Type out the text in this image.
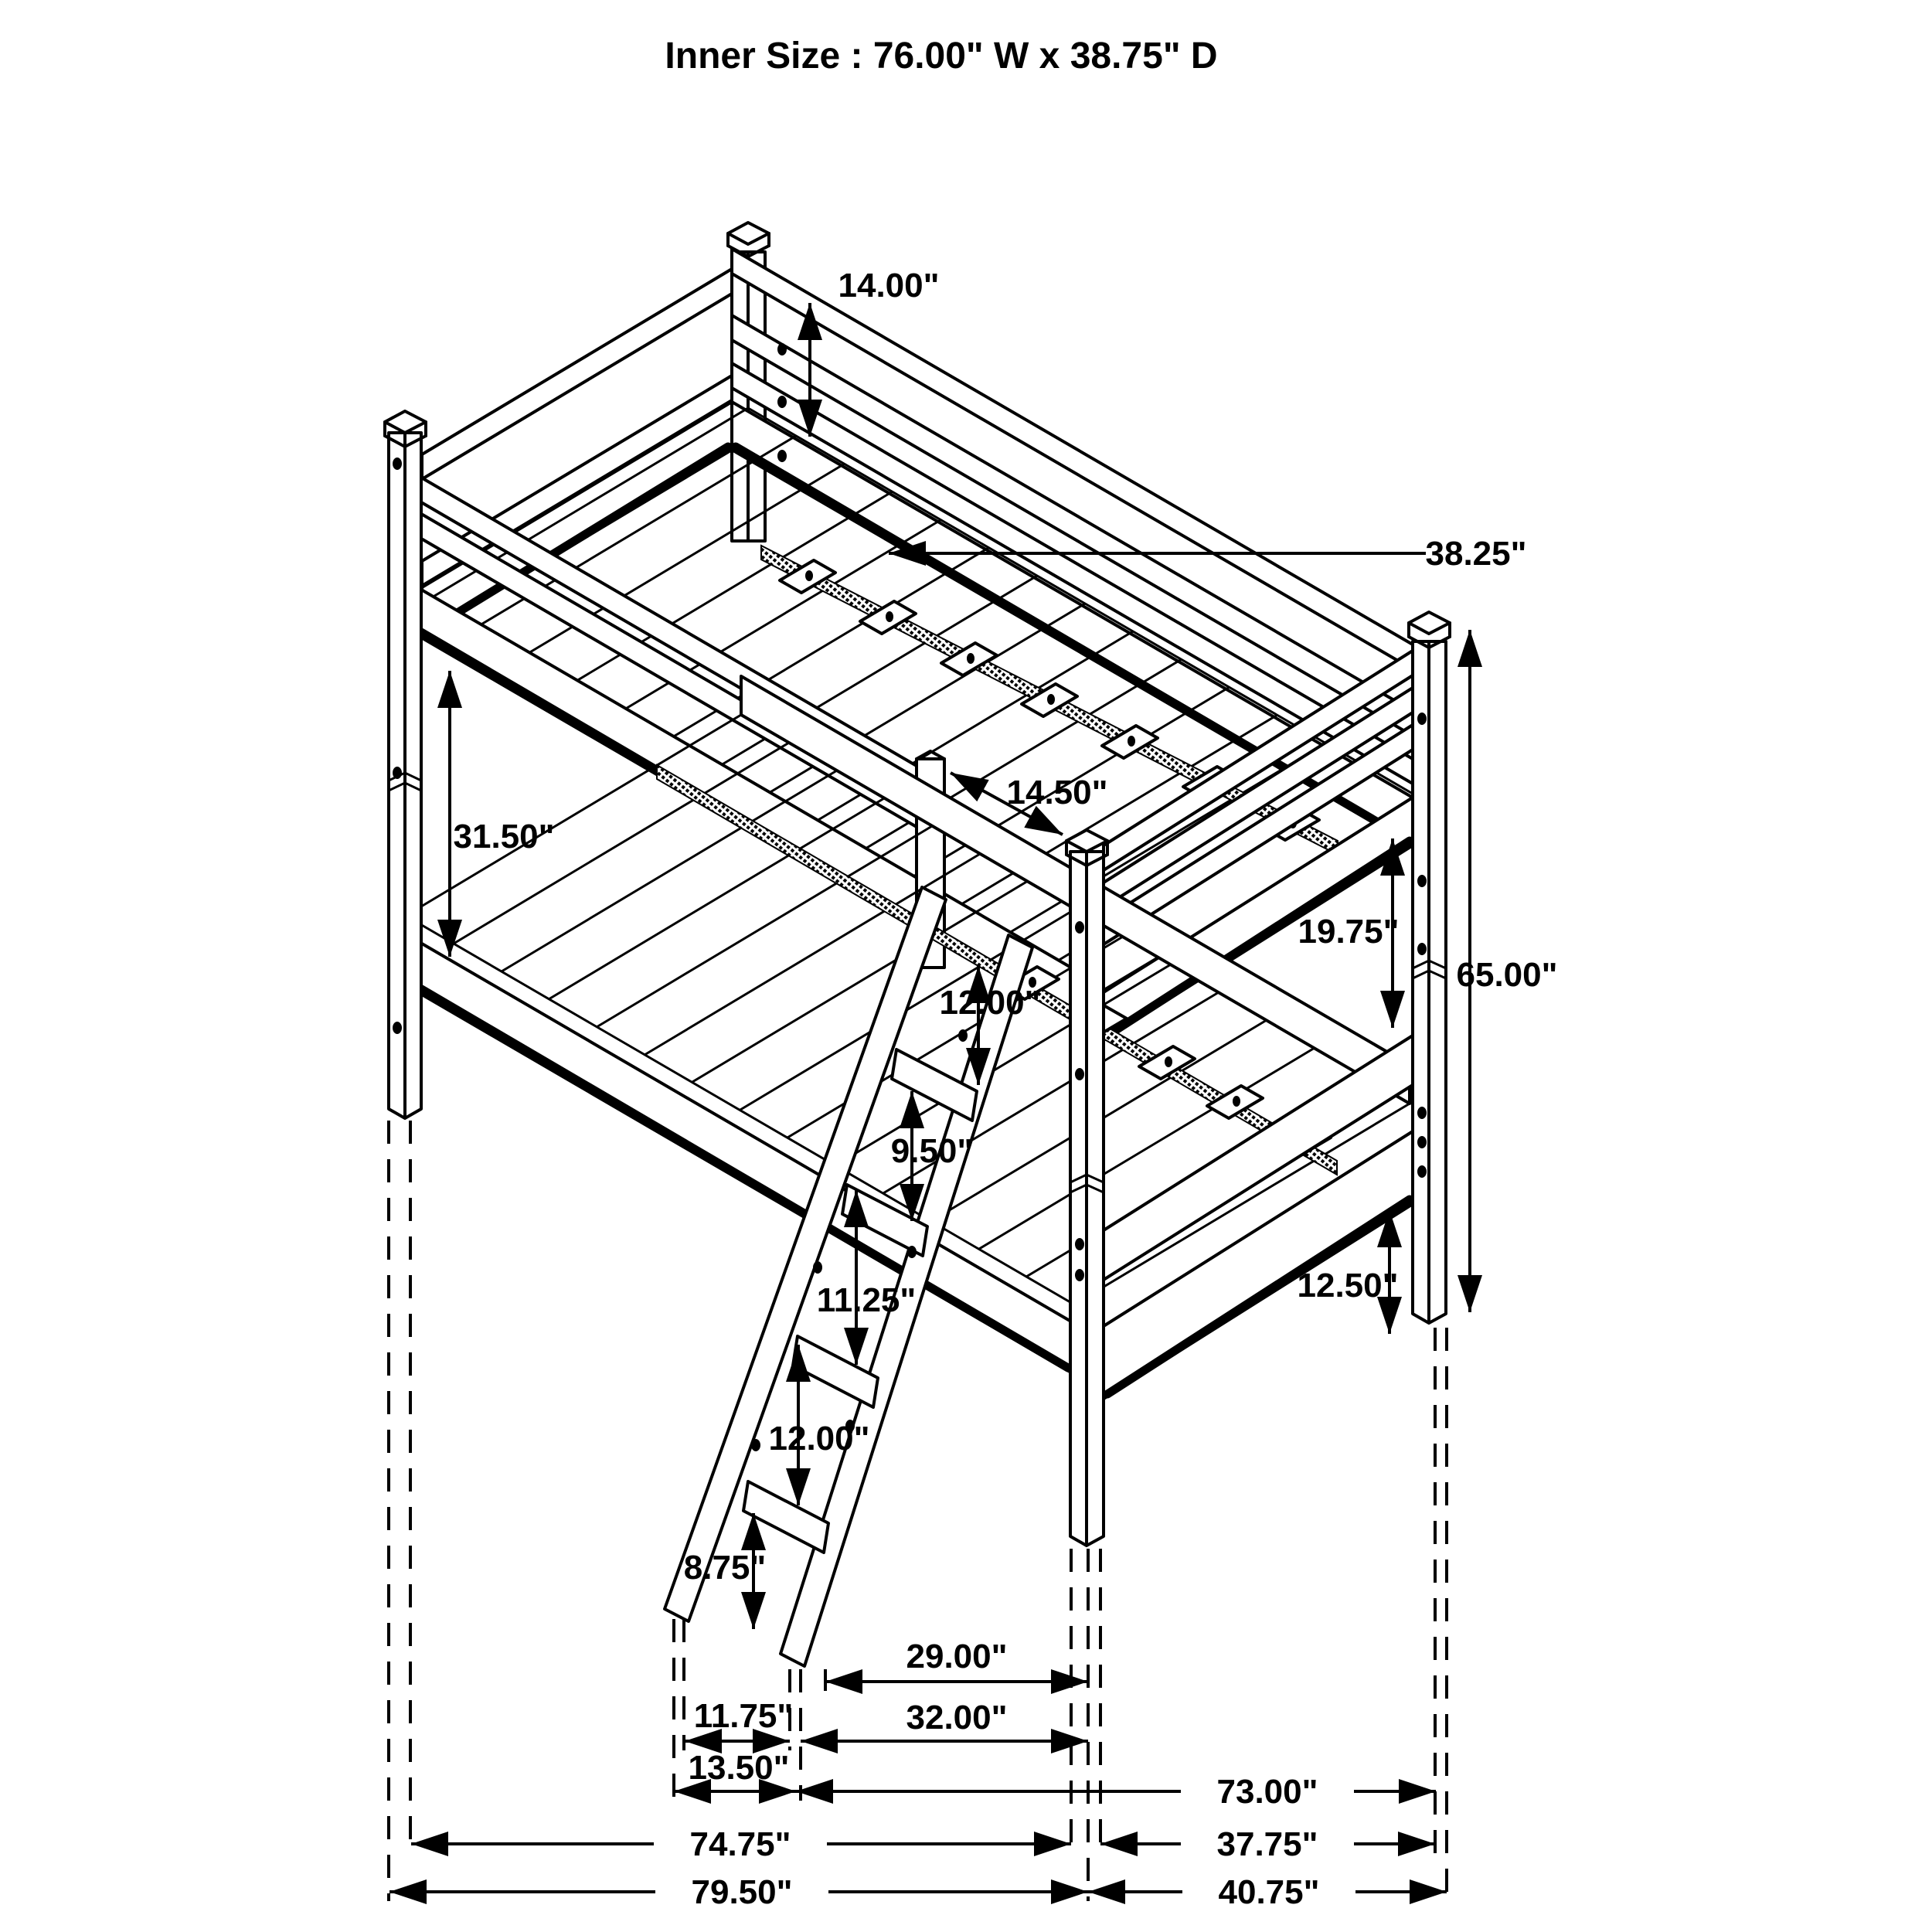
14.00"
38.25"
31.50"
14.50"
19.75"
65.00"
12.00"
9.50"
11.25"
12.00"
8.75"
12.50"
29.00"
11.75"	32.00"
13.50"
73.00"
74.75"	37.75"
79.50"	40.75"
Inner Size : 76.00" W x 38.75" D
